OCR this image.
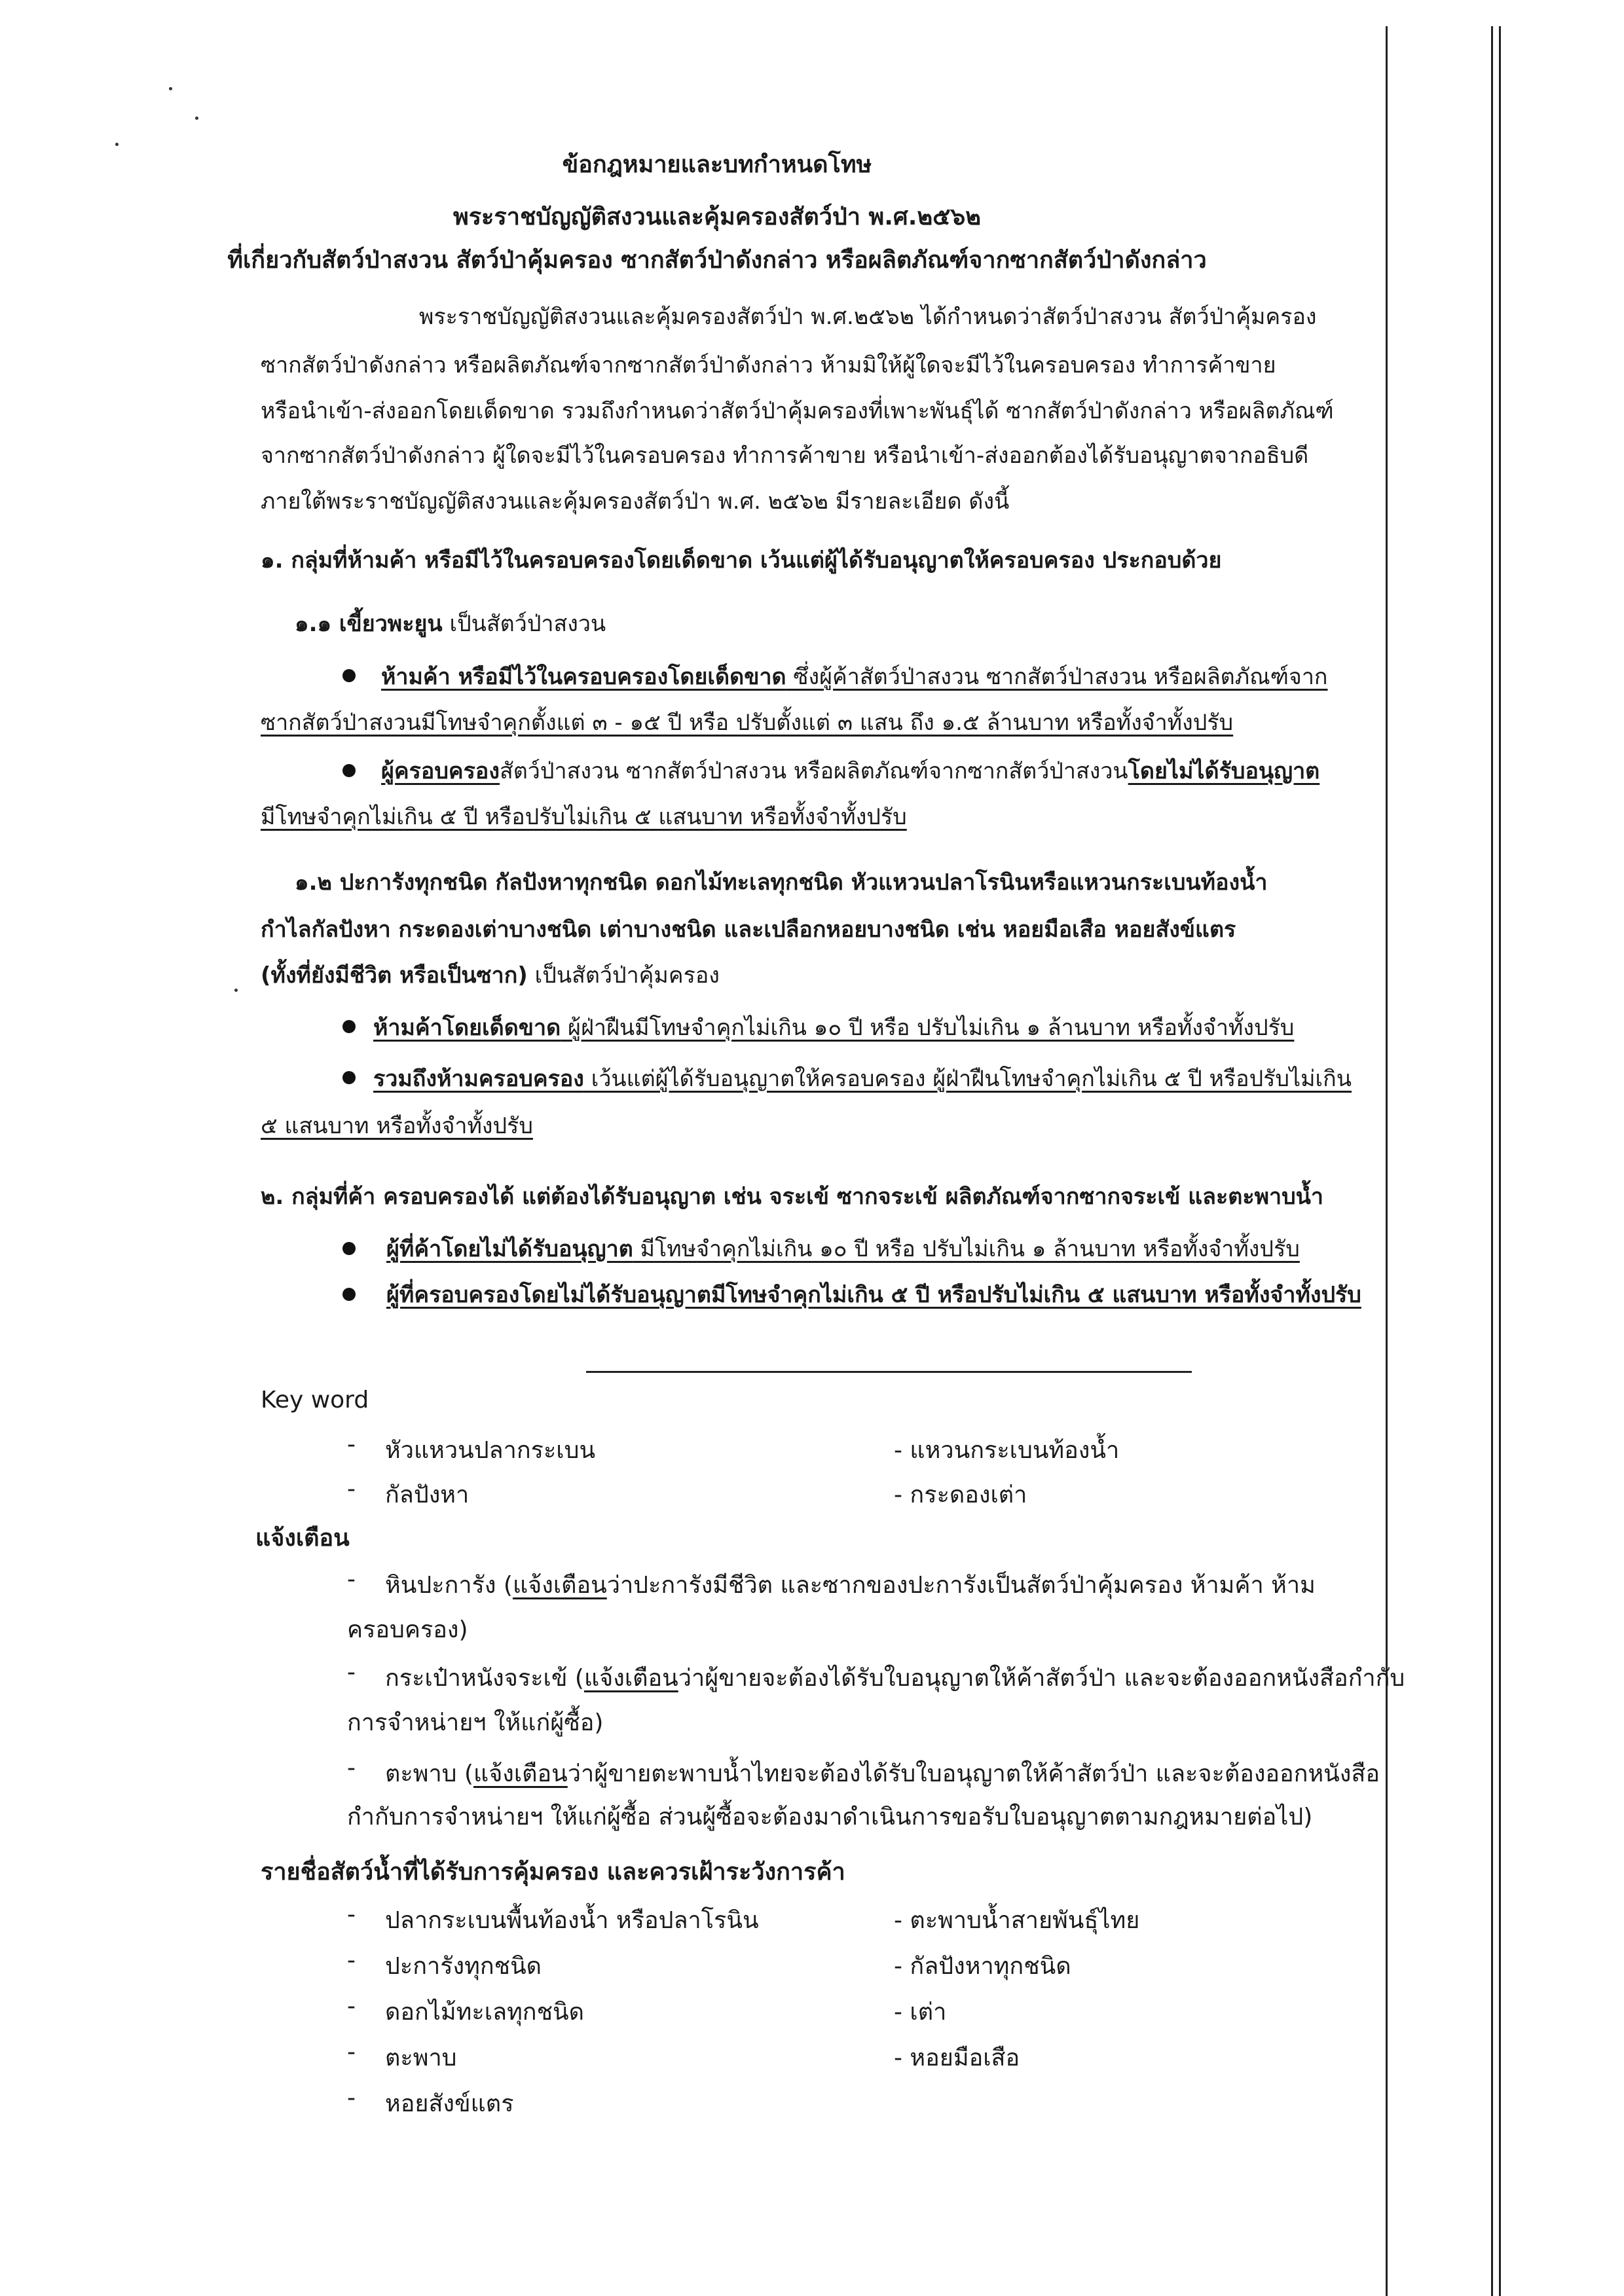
ข้อกฎหมายและบทกำหนดโทษ
พระราชบัญญัติสงวนและคุ้มครองสัตว์ป่า พ.ศ.๒๕๖๒
ที่เกี่ยวกับสัตว์ป่าสงวน สัตว์ป่าคุ้มครอง ซากสัตว์ป่าดังกล่าว หรือผลิตภัณฑ์จากซากสัตว์ป่าดังกล่าว
พระราชบัญญัติสงวนและคุ้มครองสัตว์ป่า พ.ศ.๒๕๖๒ ได้กำหนดว่าสัตว์ป่าสงวน สัตว์ป่าคุ้มครอง
ซากสัตว์ป่าดังกล่าว หรือผลิตภัณฑ์จากซากสัตว์ป่าดังกล่าว ห้ามมิให้ผู้ใดจะมีไว้ในครอบครอง ทำการค้าขาย
หรือนำเข้า-ส่งออกโดยเด็ดขาด รวมถึงกำหนดว่าสัตว์ป่าคุ้มครองที่เพาะพันธุ์ได้ ซากสัตว์ป่าดังกล่าว หรือผลิตภัณฑ์
จากซากสัตว์ป่าดังกล่าว ผู้ใดจะมีไว้ในครอบครอง ทำการค้าขาย หรือนำเข้า-ส่งออกต้องได้รับอนุญาตจากอธิบดี
ภายใต้พระราชบัญญัติสงวนและคุ้มครองสัตว์ป่า พ.ศ. ๒๕๖๒ มีรายละเอียด ดังนี้
๑. กลุ่มที่ห้ามค้า หรือมีไว้ในครอบครองโดยเด็ดขาด เว้นแต่ผู้ได้รับอนุญาตให้ครอบครอง ประกอบด้วย
๑.๑ เขี้ยวพะยูน เป็นสัตว์ป่าสงวน
ห้ามค้า หรือมีไว้ในครอบครองโดยเด็ดขาด ซึ่งผู้ค้าสัตว์ป่าสงวน ซากสัตว์ป่าสงวน หรือผลิตภัณฑ์จาก
ซากสัตว์ป่าสงวนมีโทษจำคุกตั้งแต่ ๓ - ๑๕ ปี หรือ ปรับตั้งแต่ ๓ แสน ถึง ๑.๕ ล้านบาท หรือทั้งจำทั้งปรับ
ผู้ครอบครองสัตว์ป่าสงวน ซากสัตว์ป่าสงวน หรือผลิตภัณฑ์จากซากสัตว์ป่าสงวนโดยไม่ได้รับอนุญาต
มีโทษจำคุกไม่เกิน ๕ ปี หรือปรับไม่เกิน ๕ แสนบาท หรือทั้งจำทั้งปรับ
๑.๒ ปะการังทุกชนิด กัลปังหาทุกชนิด ดอกไม้ทะเลทุกชนิด หัวแหวนปลาโรนินหรือแหวนกระเบนท้องน้ำ
กำไลกัลปังหา กระดองเต่าบางชนิด เต่าบางชนิด และเปลือกหอยบางชนิด เช่น หอยมือเสือ หอยสังข์แตร
(ทั้งที่ยังมีชีวิต หรือเป็นซาก) เป็นสัตว์ป่าคุ้มครอง
ห้ามค้าโดยเด็ดขาด ผู้ฝ่าฝืนมีโทษจำคุกไม่เกิน ๑๐ ปี หรือ ปรับไม่เกิน ๑ ล้านบาท หรือทั้งจำทั้งปรับ
รวมถึงห้ามครอบครอง เว้นแต่ผู้ได้รับอนุญาตให้ครอบครอง ผู้ฝ่าฝืนโทษจำคุกไม่เกิน ๕ ปี หรือปรับไม่เกิน
๕ แสนบาท หรือทั้งจำทั้งปรับ
๒. กลุ่มที่ค้า ครอบครองได้ แต่ต้องได้รับอนุญาต เช่น จระเข้ ซากจระเข้ ผลิตภัณฑ์จากซากจระเข้ และตะพาบน้ำ
ผู้ที่ค้าโดยไม่ได้รับอนุญาต มีโทษจำคุกไม่เกิน ๑๐ ปี หรือ ปรับไม่เกิน ๑ ล้านบาท หรือทั้งจำทั้งปรับ
ผู้ที่ครอบครองโดยไม่ได้รับอนุญาตมีโทษจำคุกไม่เกิน ๕ ปี หรือปรับไม่เกิน ๕ แสนบาท หรือทั้งจำทั้งปรับ
Key word
- หัวแหวนปลากระเบน	- แหวนกระเบนท้องน้ำ
- กัลปังหา	- กระดองเต่า
แจ้งเตือน
- หินปะการัง (แจ้งเตือนว่าปะการังมีชีวิต และซากของปะการังเป็นสัตว์ป่าคุ้มครอง ห้ามค้า ห้าม
ครอบครอง)
- กระเป๋าหนังจระเข้ (แจ้งเตือนว่าผู้ขายจะต้องได้รับใบอนุญาตให้ค้าสัตว์ป่า และจะต้องออกหนังสือกำกับ
การจำหน่ายฯ ให้แก่ผู้ซื้อ)
- ตะพาบ (แจ้งเตือนว่าผู้ขายตะพาบน้ำไทยจะต้องได้รับใบอนุญาตให้ค้าสัตว์ป่า และจะต้องออกหนังสือ
กำกับการจำหน่ายฯ ให้แก่ผู้ซื้อ ส่วนผู้ซื้อจะต้องมาดำเนินการขอรับใบอนุญาตตามกฎหมายต่อไป)
รายชื่อสัตว์น้ำที่ได้รับการคุ้มครอง และควรเฝ้าระวังการค้า
- ปลากระเบนพื้นท้องน้ำ หรือปลาโรนิน	- ตะพาบน้ำสายพันธุ์ไทย
- ปะการังทุกชนิด	- กัลปังหาทุกชนิด
- ดอกไม้ทะเลทุกชนิด	- เต่า
- ตะพาบ	- หอยมือเสือ
- หอยสังข์แตร
